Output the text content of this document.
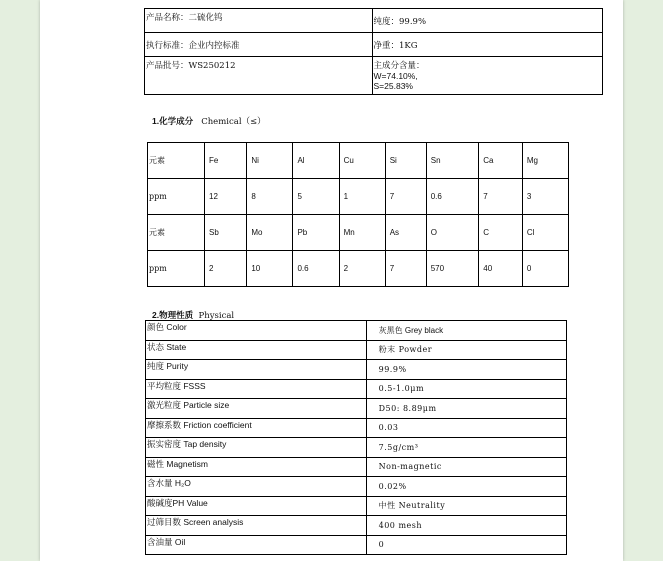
产品名称：二硫化钨	纯度：99.9%
执行标准：企业内控标准	净重：1KG
产品批号：WS250212	主成分含量：
W=74.10%,
S=25.83%
1.化学成分 Chemical（≤）
元素	Fe	Ni	Al	Cu	Si	Sn	Ca	Mg
ppm	12	8	5	1	7	0.6	7	3
元素	Sb	Mo	Pb	Mn	As	O	C	Cl
ppm	2	10	0.6	2	7	570	40	0
2.物理性质 Physical
颜色 Color	灰黑色 Grey black
状态 State	粉末 Powder
纯度 Purity	99.9%
平均粒度 FSSS	0.5-1.0μm
激光粒度 Particle size	D50: 8.89μm
摩擦系数 Friction coefficient	0.03
振实密度 Tap density	7.5g/cm³
磁性 Magnetism	Non-magnetic
含水量 H₂O	0.02%
酸碱度PH Value	中性 Neutrality
过筛目数 Screen analysis	400 mesh
含油量 Oil	0
